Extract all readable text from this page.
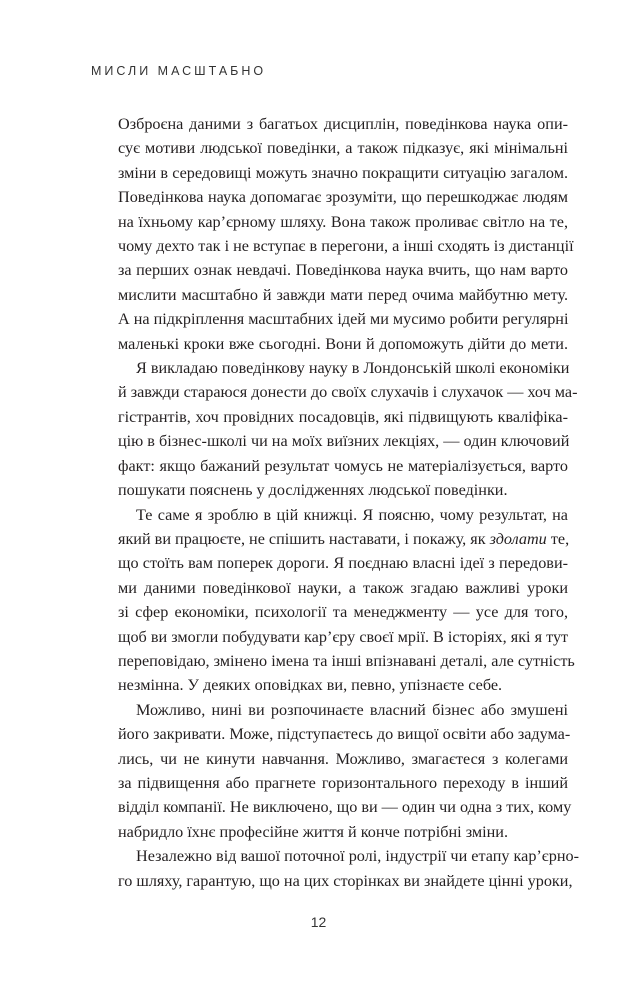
МИСЛИ МАСШТАБНО

Озброєна даними з багатьох дисциплін, поведінкова наука опи-
сує мотиви людської поведінки, а також підказує, які мінімальні
зміни в середовищі можуть значно покращити ситуацію загалом.
Поведінкова наука допомагає зрозуміти, що перешкоджає людям
на їхньому кар’єрному шляху. Вона також проливає світло на те,
чому дехто так і не вступає в перегони, а інші сходять із дистанції
за перших ознак невдачі. Поведінкова наука вчить, що нам варто
мислити масштабно й завжди мати перед очима майбутню мету.
А на підкріплення масштабних ідей ми мусимо робити регулярні
маленькі кроки вже сьогодні. Вони й допоможуть дійти до мети.

Я викладаю поведінкову науку в Лондонській школі економіки
й завжди стараюся донести до своїх слухачів і слухачок — хоч ма-
гістрантів, хоч провідних посадовців, які підвищують кваліфіка-
цію в бізнес-школі чи на моїх виїзних лекціях, — один ключовий
факт: якщо бажаний результат чомусь не матеріалізується, варто
пошукати пояснень у дослідженнях людської поведінки.

Те саме я зроблю в цій книжці. Я поясню, чому результат, на
який ви працюєте, не спішить наставати, і покажу, як здолати те,
що стоїть вам поперек дороги. Я поєднаю власні ідеї з передови-
ми даними поведінкової науки, а також згадаю важливі уроки
зі сфер економіки, психології та менеджменту — усе для того,
щоб ви змогли побудувати кар’єру своєї мрії. В історіях, які я тут
переповідаю, змінено імена та інші впізнавані деталі, але сутність
незмінна. У деяких оповідках ви, певно, упізнаєте себе.

Можливо, нині ви розпочинаєте власний бізнес або змушені
його закривати. Може, підступаєтесь до вищої освіти або задума-
лись, чи не кинути навчання. Можливо, змагаєтеся з колегами
за підвищення або прагнете горизонтального переходу в інший
відділ компанії. Не виключено, що ви — один чи одна з тих, кому
набридло їхнє професійне життя й конче потрібні зміни.

Незалежно від вашої поточної ролі, індустрії чи етапу кар’єрно-
го шляху, гарантую, що на цих сторінках ви знайдете цінні уроки,

12
